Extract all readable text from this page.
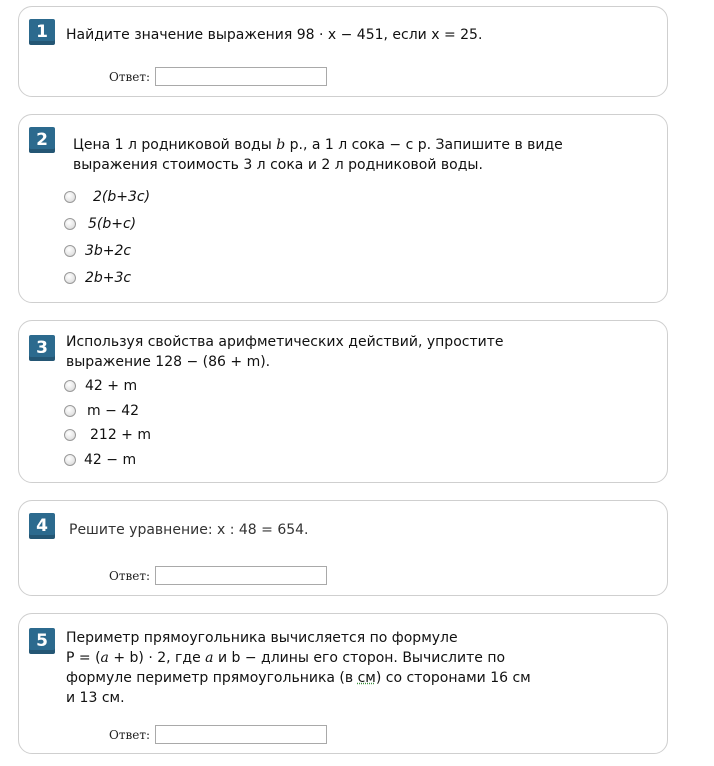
1	Найдите значение выражения 98 · x − 451, если x = 25.
Ответ:
2	Цена 1 л родниковой воды b р., а 1 л сока − с р. Запишите в виде
выражения стоимость 3 л сока и 2 л родниковой воды.
2(b+3c)
5(b+c)
3b+2c
2b+3c
3	Используя свойства арифметических действий, упростите
выражение 128 − (86 + m).
42 + m
m − 42
212 + m
42 − m
4	Решите уравнение: x : 48 = 654.
Ответ:
5	Периметр прямоугольника вычисляется по формуле
P = (a + b) · 2, где a и b − длины его сторон. Вычислите по
формуле периметр прямоугольника (в см) со сторонами 16 см
и 13 см.
Ответ:
